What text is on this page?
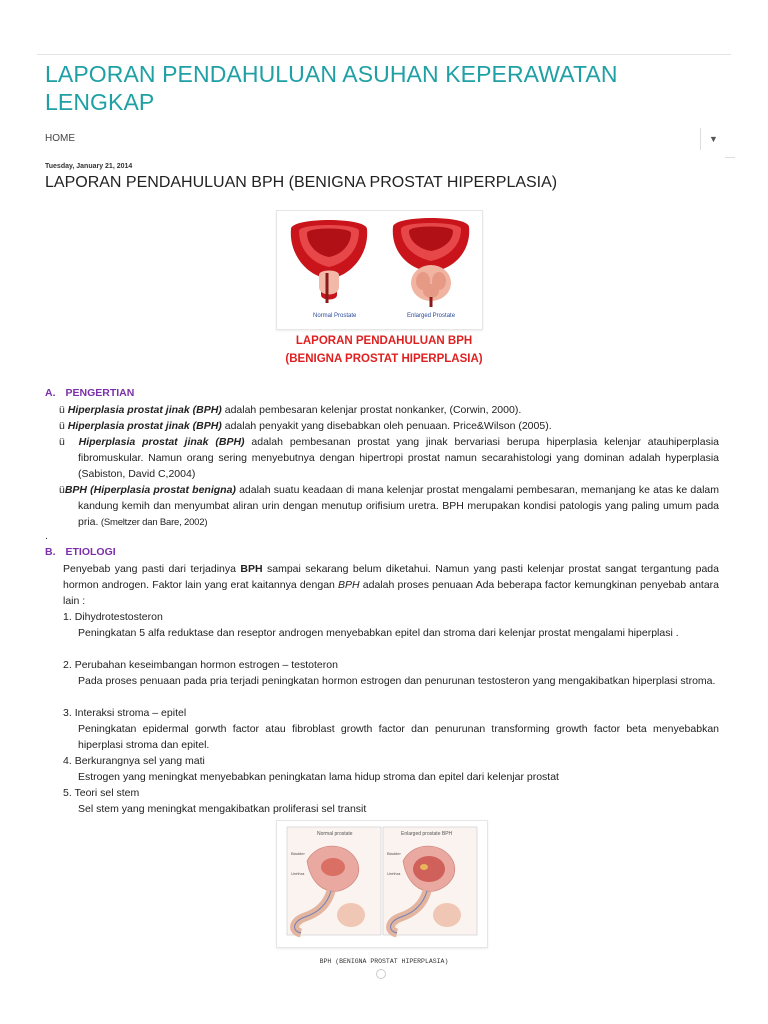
LAPORAN PENDAHULUAN ASUHAN KEPERAWATAN LENGKAP
HOME	▼
Tuesday, January 21, 2014
LAPORAN PENDAHULUAN BPH (BENIGNA PROSTAT HIPERPLASIA)
Normal Prostate	Enlarged Prostate
LAPORAN PENDAHULUAN BPH
(BENIGNA PROSTAT HIPERPLASIA)
A. PENGERTIAN
ü Hiperplasia prostat jinak (BPH) adalah pembesaran kelenjar prostat nonkanker, (Corwin, 2000).
ü Hiperplasia prostat jinak (BPH) adalah penyakit yang disebabkan oleh penuaan. Price&Wilson (2005).
ü Hiperplasia prostat jinak (BPH) adalah pembesanan prostat yang jinak bervariasi berupa hiperplasia kelenjar atauhiperplasia fibromuskular. Namun orang sering menyebutnya dengan hipertropi prostat namun secarahistologi yang dominan adalah hyperplasia (Sabiston, David C,2004)
üBPH (Hiperplasia prostat benigna) adalah suatu keadaan di mana kelenjar prostat mengalami pembesaran, memanjang ke atas ke dalam kandung kemih dan menyumbat aliran urin dengan menutup orifisium uretra. BPH merupakan kondisi patologis yang paling umum pada pria. (Smeltzer dan Bare, 2002)
.
B. ETIOLOGI
Penyebab yang pasti dari terjadinya BPH sampai sekarang belum diketahui. Namun yang pasti kelenjar prostat sangat tergantung pada hormon androgen. Faktor lain yang erat kaitannya dengan BPH adalah proses penuaan Ada beberapa factor kemungkinan penyebab antara lain :
1. Dihydrotestosteron
Peningkatan 5 alfa reduktase dan reseptor androgen menyebabkan epitel dan stroma dari kelenjar prostat mengalami hiperplasi .
2. Perubahan keseimbangan hormon estrogen – testoteron
Pada proses penuaan pada pria terjadi peningkatan hormon estrogen dan penurunan testosteron yang mengakibatkan hiperplasi stroma.
3. Interaksi stroma – epitel
Peningkatan epidermal gorwth factor atau fibroblast growth factor dan penurunan transforming growth factor beta menyebabkan hiperplasi stroma dan epitel.
4. Berkurangnya sel yang mati
Estrogen yang meningkat menyebabkan peningkatan lama hidup stroma dan epitel dari kelenjar prostat
5. Teori sel stem
Sel stem yang meningkat mengakibatkan proliferasi sel transit
Normal prostate	Enlarged prostate BPH
Bladder
Urethra
Bladder
Urethra
BPH (BENIGNA PROSTAT HIPERPLASIA)
